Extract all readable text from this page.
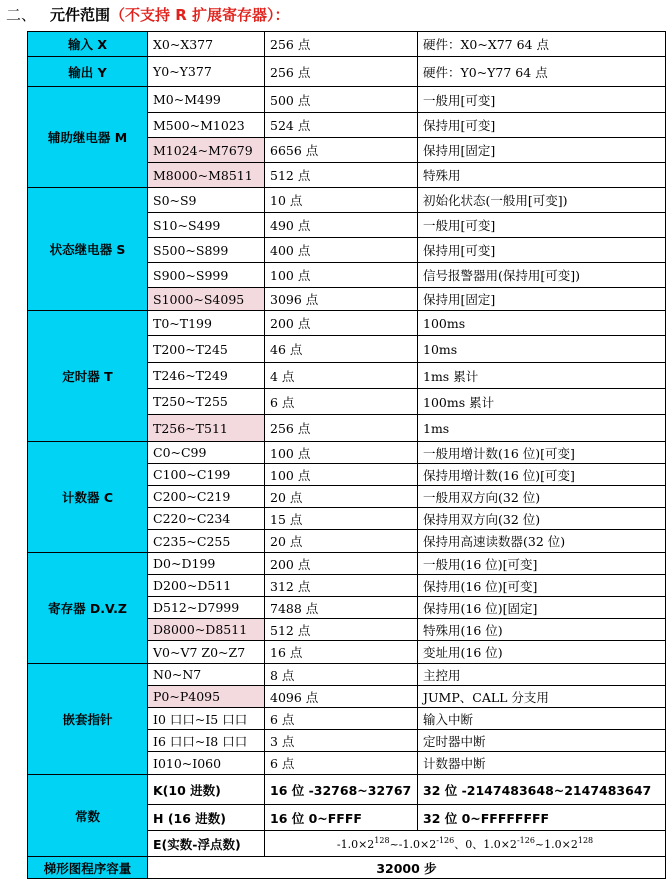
二、 元件范围（不支持 R 扩展寄存器）：
输入 X	X0~X377	256 点	硬件：X0~X77 64 点
输出 Y	Y0~Y377	256 点	硬件：Y0~Y77 64 点
辅助继电器 M	M0~M499	500 点	一般用[可变]
	M500~M1023	524 点	保持用[可变]
	M1024~M7679	6656 点	保持用[固定]
	M8000~M8511	512 点	特殊用
状态继电器 S	S0~S9	10 点	初始化状态(一般用[可变])
	S10~S499	490 点	一般用[可变]
	S500~S899	400 点	保持用[可变]
	S900~S999	100 点	信号报警器用(保持用[可变])
	S1000~S4095	3096 点	保持用[固定]
定时器 T	T0~T199	200 点	100ms
	T200~T245	46 点	10ms
	T246~T249	4 点	1ms 累计
	T250~T255	6 点	100ms 累计
	T256~T511	256 点	1ms
计数器 C	C0~C99	100 点	一般用增计数(16 位)[可变]
	C100~C199	100 点	保持用增计数(16 位)[可变]
	C200~C219	20 点	一般用双方向(32 位)
	C220~C234	15 点	保持用双方向(32 位)
	C235~C255	20 点	保持用高速读数器(32 位)
寄存器 D.V.Z	D0~D199	200 点	一般用(16 位)[可变]
	D200~D511	312 点	保持用(16 位)[可变]
	D512~D7999	7488 点	保持用(16 位)[固定]
	D8000~D8511	512 点	特殊用(16 位)
	V0~V7 Z0~Z7	16 点	变址用(16 位)
嵌套指针	N0~N7	8 点	主控用
	P0~P4095	4096 点	JUMP、CALL 分支用
	I0 口口~I5 口口	6 点	输入中断
	I6 口口~I8 口口	3 点	定时器中断
	I010~I060	6 点	计数器中断
常数	K(10 进数)	16 位 -32768~32767	32 位 -2147483648~2147483647
	H (16 进数)	16 位 0~FFFF	32 位 0~FFFFFFFF
	E(实数-浮点数)	$-1.0\times 2^{128}\sim-1.0\times 2^{-126}$、0、$1.0\times 2^{-126}\sim 1.0\times 2^{128}$
梯形图程序容量	32000 步		
